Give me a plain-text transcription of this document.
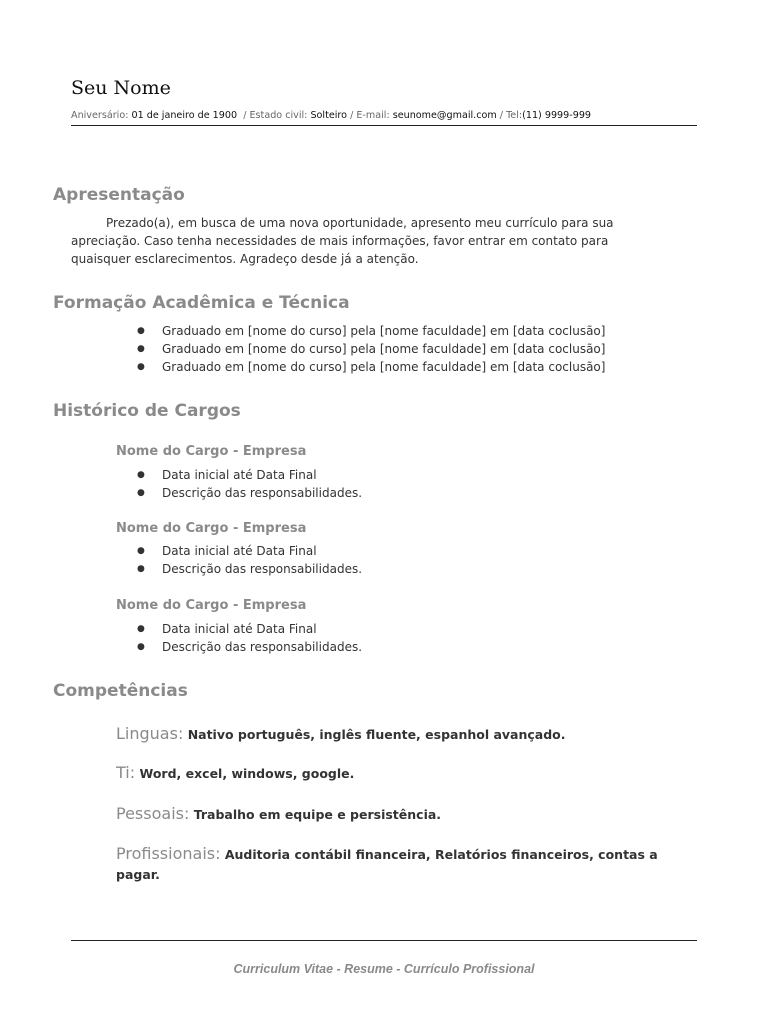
Seu Nome
Aniversário: 01 de janeiro de 1900 / Estado civil: Solteiro / E-mail: seunome@gmail.com / Tel:(11) 9999-999
Apresentação
Prezado(a), em busca de uma nova oportunidade, apresento meu currículo para sua apreciação. Caso tenha necessidades de mais informações, favor entrar em contato para quaisquer esclarecimentos. Agradeço desde já a atenção.
Formação Acadêmica e Técnica
● Graduado em [nome do curso] pela [nome faculdade] em [data coclusão]
● Graduado em [nome do curso] pela [nome faculdade] em [data coclusão]
● Graduado em [nome do curso] pela [nome faculdade] em [data coclusão]
Histórico de Cargos
Nome do Cargo - Empresa
● Data inicial até Data Final
● Descrição das responsabilidades.
Nome do Cargo - Empresa
● Data inicial até Data Final
● Descrição das responsabilidades.
Nome do Cargo - Empresa
● Data inicial até Data Final
● Descrição das responsabilidades.
Competências
Linguas: Nativo português, inglês fluente, espanhol avançado.
Ti: Word, excel, windows, google.
Pessoais: Trabalho em equipe e persistência.
Profissionais: Auditoria contábil financeira, Relatórios financeiros, contas a pagar.
Curriculum Vitae - Resume - Currículo Profissional
